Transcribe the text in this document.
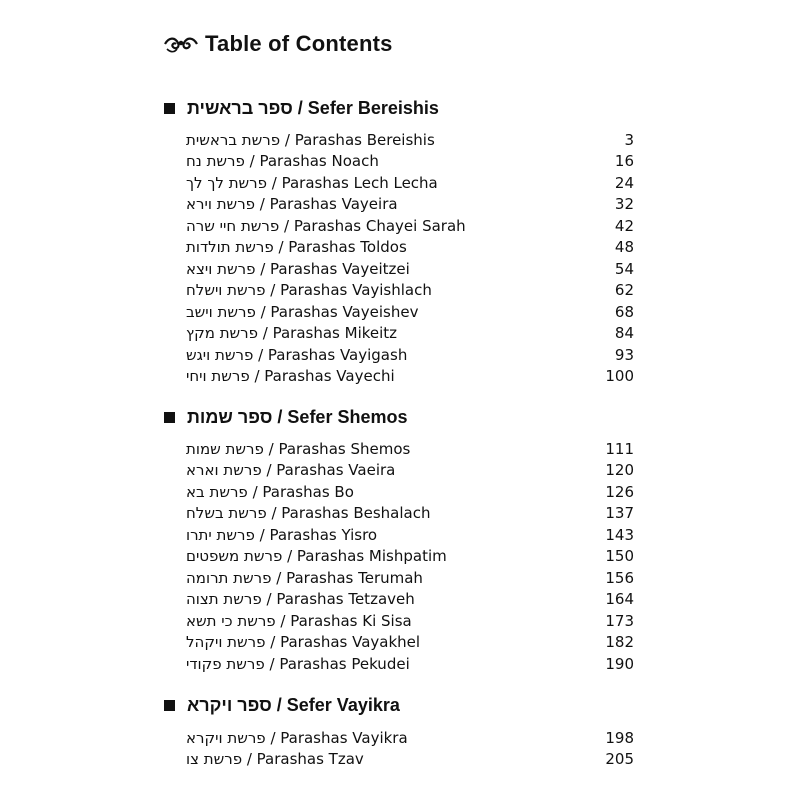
Table of Contents
ספר בראשית / Sefer Bereishis
פרשת בראשית / Parashas Bereishis	3
פרשת נח / Parashas Noach	16
פרשת לך לך / Parashas Lech Lecha	24
פרשת וירא / Parashas Vayeira	32
פרשת חיי שרה / Parashas Chayei Sarah	42
פרשת תולדות / Parashas Toldos	48
פרשת ויצא / Parashas Vayeitzei	54
פרשת וישלח / Parashas Vayishlach	62
פרשת וישב / Parashas Vayeishev	68
פרשת מקץ / Parashas Mikeitz	84
פרשת ויגש / Parashas Vayigash	93
פרשת ויחי / Parashas Vayechi	100
ספר שמות / Sefer Shemos
פרשת שמות / Parashas Shemos	111
פרשת וארא / Parashas Vaeira	120
פרשת בא / Parashas Bo	126
פרשת בשלח / Parashas Beshalach	137
פרשת יתרו / Parashas Yisro	143
פרשת משפטים / Parashas Mishpatim	150
פרשת תרומה / Parashas Terumah	156
פרשת תצוה / Parashas Tetzaveh	164
פרשת כי תשא / Parashas Ki Sisa	173
פרשת ויקהל / Parashas Vayakhel	182
פרשת פקודי / Parashas Pekudei	190
ספר ויקרא / Sefer Vayikra
פרשת ויקרא / Parashas Vayikra	198
פרשת צו / Parashas Tzav	205
